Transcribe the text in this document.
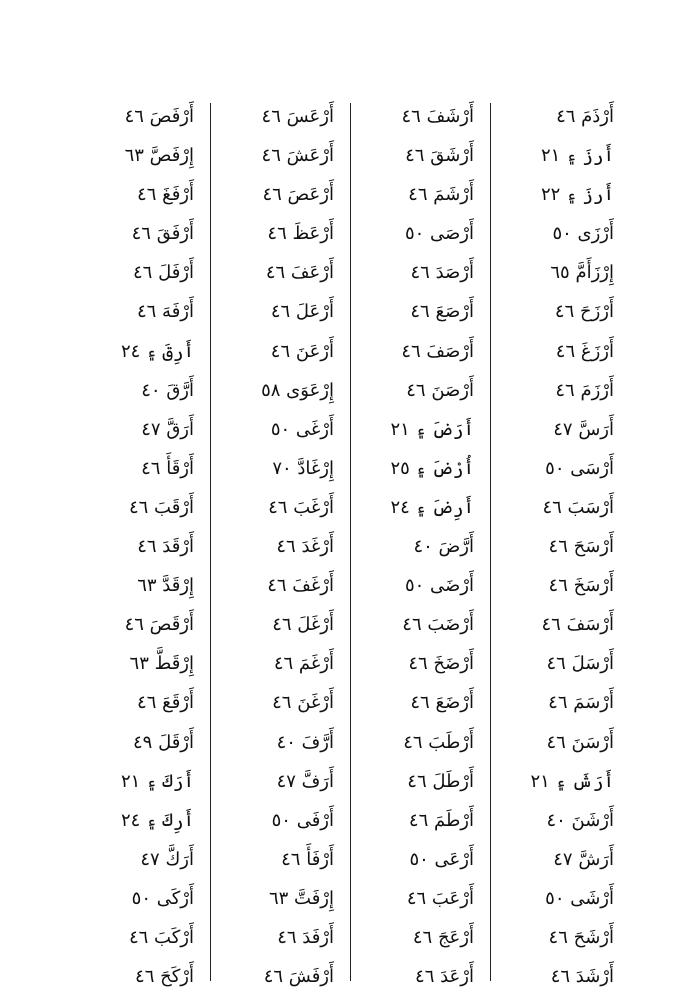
أَرْذَمَ ٤٦
أَرزَ ۽ ٢١
أَرزَ ۽ ٢٢
أَرْزَى ٥٠
إِرْزَأَمَّ ٦٥
أَرْزَحَ ٤٦
أَرْزَغَ ٤٦
أَرْزَمَ ٤٦
أَرَسَّ ٤٧
أَرْسَى ٥٠
أَرْسَبَ ٤٦
أَرْسَحَ ٤٦
أَرْسَخَ ٤٦
أَرْسَفَ ٤٦
أَرْسَلَ ٤٦
أَرْسَمَ ٤٦
أَرْسَنَ ٤٦
أَرَشَ ۽ ٢١
أَرْشَنَ ٤٠
أَرَشَّ ٤٧
أَرْشَى ٥٠
أَرْشَحَ ٤٦
أَرْشَدَ ٤٦
أَرْشَفَ ٤٦
أَرْشَقَ ٤٦
أَرْشَمَ ٤٦
أَرْصَى ٥٠
أَرْصَدَ ٤٦
أَرْصَعَ ٤٦
أَرْصَفَ ٤٦
أَرْصَنَ ٤٦
أَرَضَ ۽ ٢١
أُرْضَ ۽ ٢٥
أَرِضَ ۽ ٢٤
أَرَّضَ ٤٠
أَرْضَى ٥٠
أَرْضَبَ ٤٦
أَرْضَخَ ٤٦
أَرْضَعَ ٤٦
أَرْطَبَ ٤٦
أَرْطَلَ ٤٦
أَرْطَمَ ٤٦
أَرْعَى ٥٠
أَرْعَبَ ٤٦
أَرْعَجَ ٤٦
أَرْعَدَ ٤٦
أَرْعَسَ ٤٦
أَرْعَشَ ٤٦
أَرْعَصَ ٤٦
أَرْعَظَ ٤٦
أَرْعَفَ ٤٦
أَرْعَلَ ٤٦
أَرْعَنَ ٤٦
إِرْعَوَى ٥٨
أَرْغَى ٥٠
إِرْغَادَّ ٧٠
أَرْغَبَ ٤٦
أَرْغَدَ ٤٦
أَرْغَفَ ٤٦
أَرْغَلَ ٤٦
أَرْغَمَ ٤٦
أَرْغَنَ ٤٦
أَرَّفَ ٤٠
أَرَفَّ ٤٧
أَرْفَى ٥٠
أَرْفَأَ ٤٦
إِرْفَتَّ ٦٣
أَرْفَدَ ٤٦
أَرْفَشَ ٤٦
أَرْفَصَ ٤٦
إِرْفَصَّ ٦٣
أَرْفَغَ ٤٦
أَرْفَقَ ٤٦
أَرْفَلَ ٤٦
أَرْفَهَ ٤٦
أَرِقَ ۽ ٢٤
أَرَّقَ ٤٠
أَرَقَّ ٤٧
أَرْقَأَ ٤٦
أَرْقَبَ ٤٦
أَرْقَدَ ٤٦
إِرْقَدَّ ٦٣
أَرْقَصَ ٤٦
إِرْقَطَّ ٦٣
أَرْقَعَ ٤٦
أَرْقَلَ ٤٩
أَرَكَ ۽ ٢١
أَرِكَ ۽ ٢٤
أَرَكَّ ٤٧
أَرْكَى ٥٠
أَرْكَبَ ٤٦
أَرْكَحَ ٤٦
